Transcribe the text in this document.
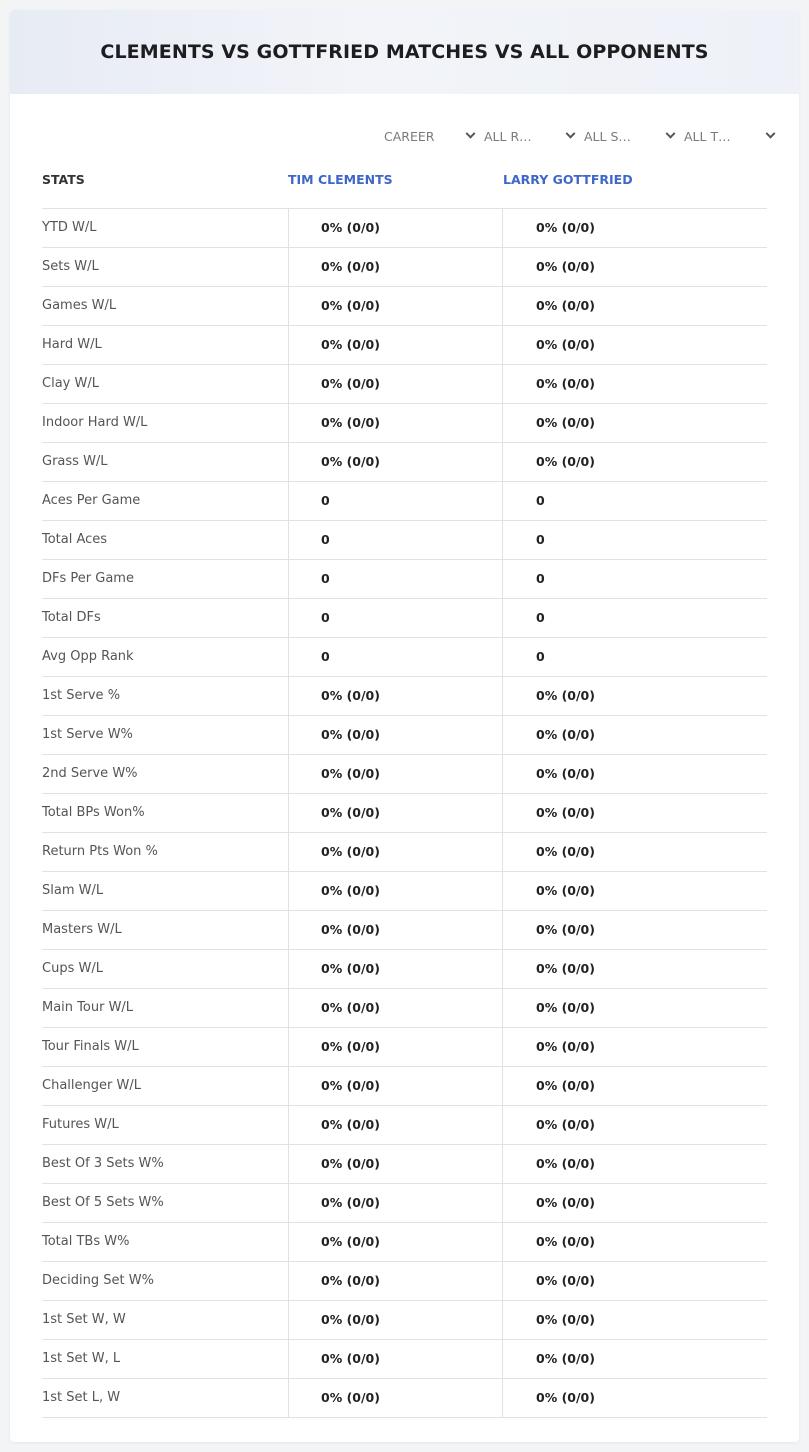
CLEMENTS VS GOTTFRIED MATCHES VS ALL OPPONENTS
CAREER	ALL R…	ALL S…	ALL T…
STATS	TIM CLEMENTS	LARRY GOTTFRIED
YTD W/L	0% (0/0)	0% (0/0)
Sets W/L	0% (0/0)	0% (0/0)
Games W/L	0% (0/0)	0% (0/0)
Hard W/L	0% (0/0)	0% (0/0)
Clay W/L	0% (0/0)	0% (0/0)
Indoor Hard W/L	0% (0/0)	0% (0/0)
Grass W/L	0% (0/0)	0% (0/0)
Aces Per Game	0	0
Total Aces	0	0
DFs Per Game	0	0
Total DFs	0	0
Avg Opp Rank	0	0
1st Serve %	0% (0/0)	0% (0/0)
1st Serve W%	0% (0/0)	0% (0/0)
2nd Serve W%	0% (0/0)	0% (0/0)
Total BPs Won%	0% (0/0)	0% (0/0)
Return Pts Won %	0% (0/0)	0% (0/0)
Slam W/L	0% (0/0)	0% (0/0)
Masters W/L	0% (0/0)	0% (0/0)
Cups W/L	0% (0/0)	0% (0/0)
Main Tour W/L	0% (0/0)	0% (0/0)
Tour Finals W/L	0% (0/0)	0% (0/0)
Challenger W/L	0% (0/0)	0% (0/0)
Futures W/L	0% (0/0)	0% (0/0)
Best Of 3 Sets W%	0% (0/0)	0% (0/0)
Best Of 5 Sets W%	0% (0/0)	0% (0/0)
Total TBs W%	0% (0/0)	0% (0/0)
Deciding Set W%	0% (0/0)	0% (0/0)
1st Set W, W	0% (0/0)	0% (0/0)
1st Set W, L	0% (0/0)	0% (0/0)
1st Set L, W	0% (0/0)	0% (0/0)
